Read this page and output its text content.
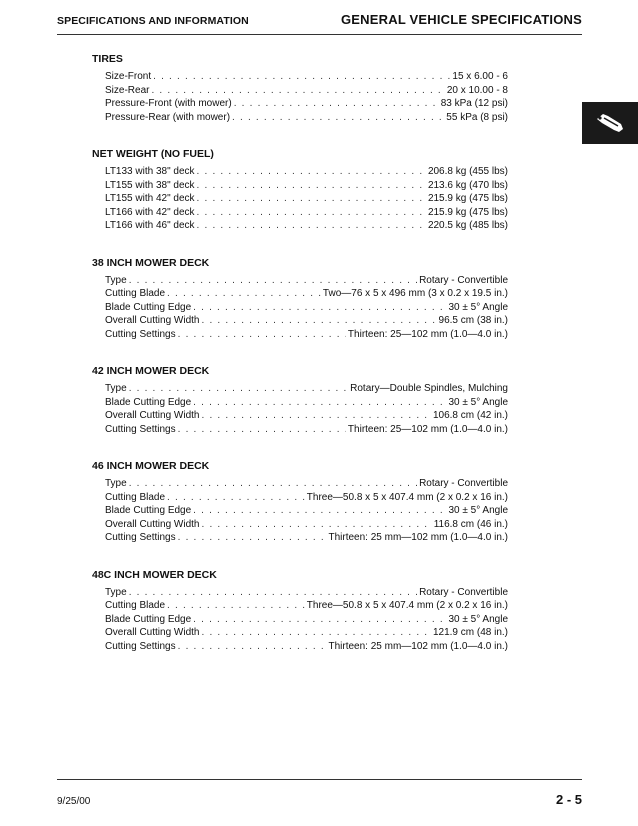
SPECIFICATIONS AND INFORMATION	GENERAL VEHICLE SPECIFICATIONS
TIRES
Size-Front . . .	15 x 6.00 - 6
Size-Rear . . .	20 x 10.00 - 8
Pressure-Front (with mower) . . .	83 kPa (12 psi)
Pressure-Rear (with mower) . . .	55 kPa (8 psi)
NET WEIGHT (NO FUEL)
LT133 with 38" deck . . .	206.8 kg (455 lbs)
LT155 with 38" deck . . .	213.6 kg (470 lbs)
LT155 with 42" deck . . .	215.9 kg (475 lbs)
LT166 with 42" deck . . .	215.9 kg (475 lbs)
LT166 with 46" deck . . .	220.5 kg (485 lbs)
38 INCH MOWER DECK
Type . . .	Rotary - Convertible
Cutting Blade . . .	Two—76 x 5 x 496 mm (3 x 0.2 x 19.5 in.)
Blade Cutting Edge . . .	30 ± 5° Angle
Overall Cutting Width . . .	96.5 cm (38 in.)
Cutting Settings . . .	Thirteen: 25—102 mm (1.0—4.0 in.)
42 INCH MOWER DECK
Type . . .	Rotary—Double Spindles, Mulching
Blade Cutting Edge . . .	30 ± 5° Angle
Overall Cutting Width . . .	106.8 cm (42 in.)
Cutting Settings . . .	Thirteen: 25—102 mm (1.0—4.0 in.)
46 INCH MOWER DECK
Type . . .	Rotary - Convertible
Cutting Blade . . .	Three—50.8 x 5 x 407.4 mm (2 x 0.2 x 16 in.)
Blade Cutting Edge . . .	30 ± 5° Angle
Overall Cutting Width . . .	116.8 cm (46 in.)
Cutting Settings . . .	Thirteen: 25 mm—102 mm (1.0—4.0 in.)
48C INCH MOWER DECK
Type . . .	Rotary - Convertible
Cutting Blade . . .	Three—50.8 x 5 x 407.4 mm (2 x 0.2 x 16 in.)
Blade Cutting Edge . . .	30 ± 5° Angle
Overall Cutting Width . . .	121.9 cm (48 in.)
Cutting Settings . . .	Thirteen: 25 mm—102 mm (1.0—4.0 in.)
9/25/00	2 - 5
